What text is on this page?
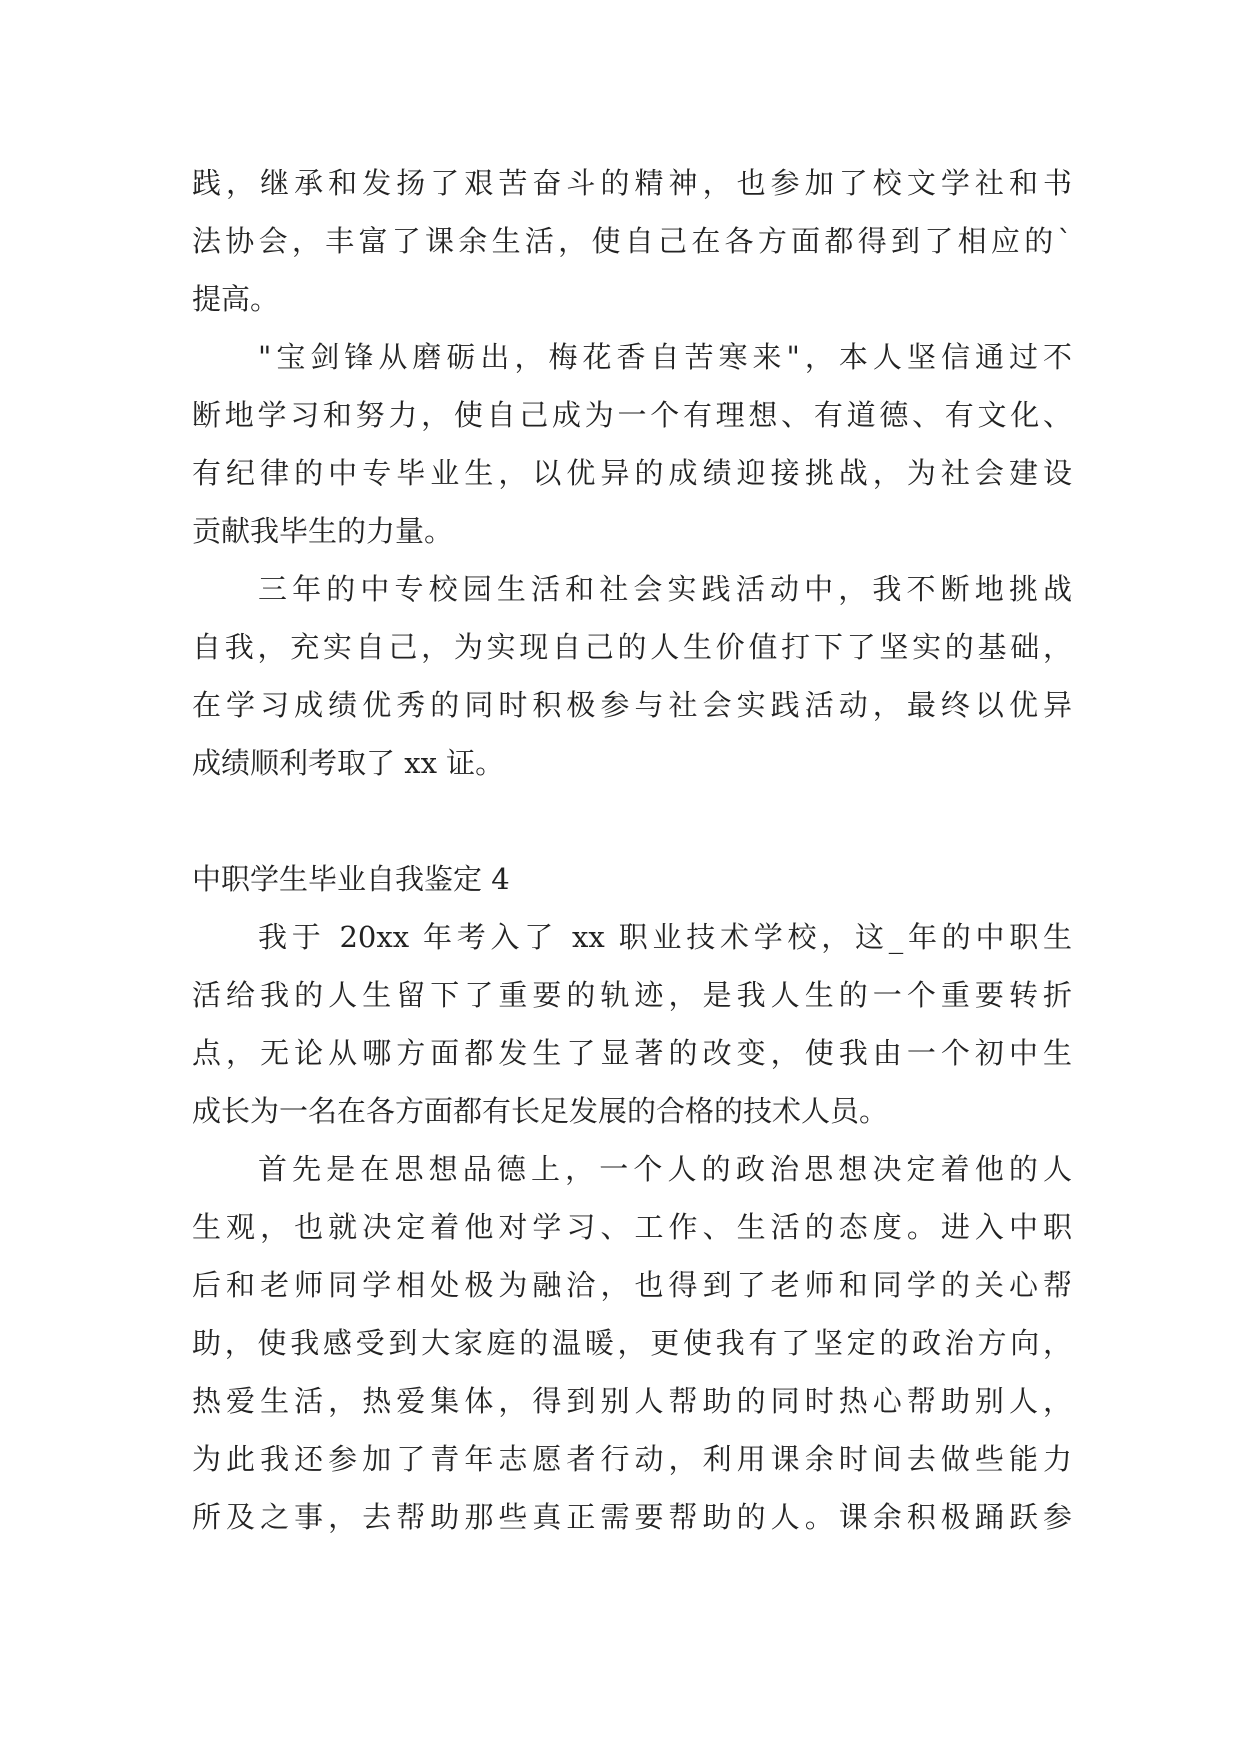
践，继承和发扬了艰苦奋斗的精神，也参加了校文学社和书
法协会，丰富了课余生活，使自己在各方面都得到了相应的`
提高。
"宝剑锋从磨砺出，梅花香自苦寒来"，本人坚信通过不
断地学习和努力，使自己成为一个有理想、有道德、有文化、
有纪律的中专毕业生，以优异的成绩迎接挑战，为社会建设
贡献我毕生的力量。
三年的中专校园生活和社会实践活动中，我不断地挑战
自我，充实自己，为实现自己的人生价值打下了坚实的基础，
在学习成绩优秀的同时积极参与社会实践活动，最终以优异
成绩顺利考取了 xx 证。
中职学生毕业自我鉴定 4
我于 20xx 年考入了 xx 职业技术学校，这_年的中职生
活给我的人生留下了重要的轨迹，是我人生的一个重要转折
点，无论从哪方面都发生了显著的改变，使我由一个初中生
成长为一名在各方面都有长足发展的合格的技术人员。
首先是在思想品德上，一个人的政治思想决定着他的人
生观，也就决定着他对学习、工作、生活的态度。进入中职
后和老师同学相处极为融洽，也得到了老师和同学的关心帮
助，使我感受到大家庭的温暖，更使我有了坚定的政治方向，
热爱生活，热爱集体，得到别人帮助的同时热心帮助别人，
为此我还参加了青年志愿者行动，利用课余时间去做些能力
所及之事，去帮助那些真正需要帮助的人。课余积极踊跃参
